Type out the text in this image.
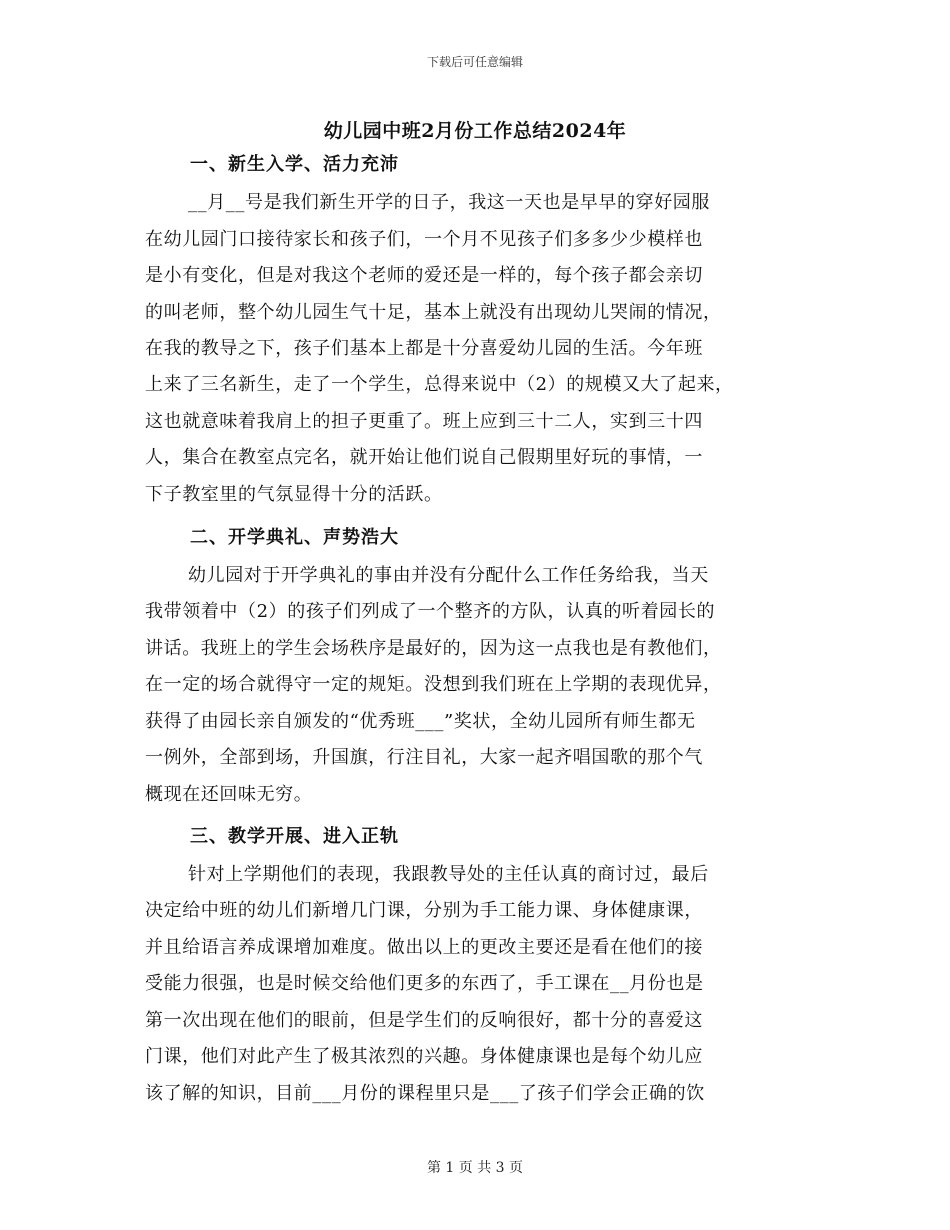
下载后可任意编辑
幼儿园中班2月份工作总结2024年
一、新生入学、活力充沛
__月__号是我们新生开学的日子，我这一天也是早早的穿好园服
在幼儿园门口接待家长和孩子们，一个月不见孩子们多多少少模样也
是小有变化，但是对我这个老师的爱还是一样的，每个孩子都会亲切
的叫老师，整个幼儿园生气十足，基本上就没有出现幼儿哭闹的情况，
在我的教导之下，孩子们基本上都是十分喜爱幼儿园的生活。今年班
上来了三名新生，走了一个学生，总得来说中（2）的规模又大了起来，
这也就意味着我肩上的担子更重了。班上应到三十二人，实到三十四
人，集合在教室点完名，就开始让他们说自己假期里好玩的事情，一
下子教室里的气氛显得十分的活跃。
二、开学典礼、声势浩大
幼儿园对于开学典礼的事由并没有分配什么工作任务给我，当天
我带领着中（2）的孩子们列成了一个整齐的方队，认真的听着园长的
讲话。我班上的学生会场秩序是最好的，因为这一点我也是有教他们，
在一定的场合就得守一定的规矩。没想到我们班在上学期的表现优异，
获得了由园长亲自颁发的“优秀班___”奖状，全幼儿园所有师生都无
一例外，全部到场，升国旗，行注目礼，大家一起齐唱国歌的那个气
概现在还回味无穷。
三、教学开展、进入正轨
针对上学期他们的表现，我跟教导处的主任认真的商讨过，最后
决定给中班的幼儿们新增几门课，分别为手工能力课、身体健康课，
并且给语言养成课增加难度。做出以上的更改主要还是看在他们的接
受能力很强，也是时候交给他们更多的东西了，手工课在__月份也是
第一次出现在他们的眼前，但是学生们的反响很好，都十分的喜爱这
门课，他们对此产生了极其浓烈的兴趣。身体健康课也是每个幼儿应
该了解的知识，目前___月份的课程里只是___了孩子们学会正确的饮
第 1 页 共 3 页
